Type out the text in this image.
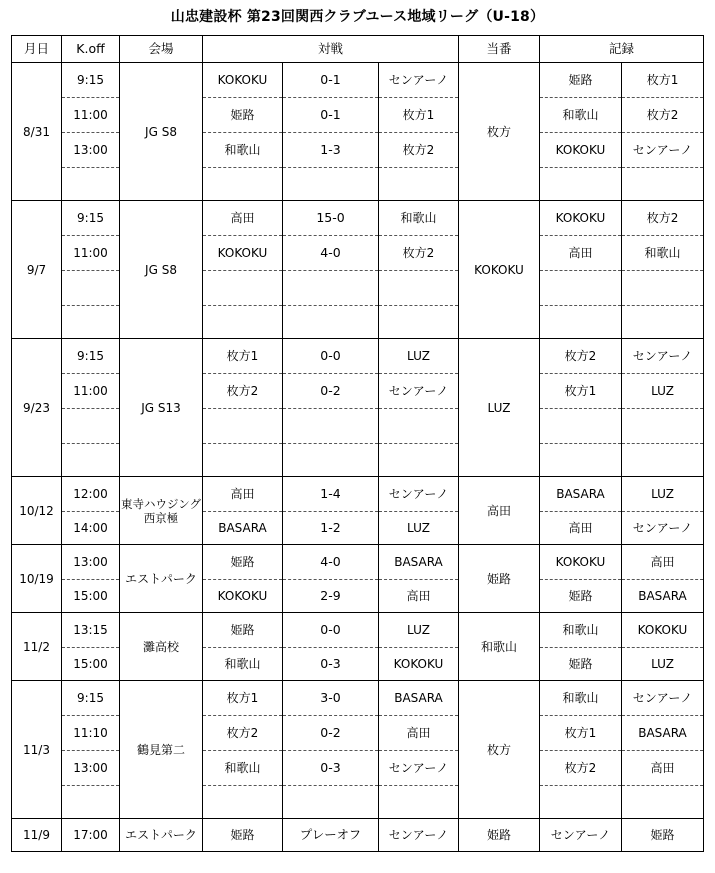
山忠建設杯 第23回関西クラブユース地域リーグ（U-18）
月日	K.off	会場	対戦			当番	記録	
8/31	9:15	JG S8	KOKOKU	0-1	センアーノ	枚方	姫路	枚方1
	11:00		姫路	0-1	枚方1		和歌山	枚方2
	13:00		和歌山	1-3	枚方2		KOKOKU	センアーノ

9/7	9:15	JG S8	高田	15-0	和歌山	KOKOKU	KOKOKU	枚方2
	11:00		KOKOKU	4-0	枚方2		高田	和歌山

9/23	9:15	JG S13	枚方1	0-0	LUZ	LUZ	枚方2	センアーノ
	11:00		枚方2	0-2	センアーノ		枚方1	LUZ

10/12	12:00	東寺ハウジング
西京極	高田	1-4	センアーノ	高田	BASARA	LUZ
	14:00		BASARA	1-2	LUZ		高田	センアーノ
10/19	13:00	エストパーク	姫路	4-0	BASARA	姫路	KOKOKU	高田
	15:00		KOKOKU	2-9	高田		姫路	BASARA
11/2	13:15	灘高校	姫路	0-0	LUZ	和歌山	和歌山	KOKOKU
	15:00		和歌山	0-3	KOKOKU		姫路	LUZ
11/3	9:15	鶴見第二	枚方1	3-0	BASARA	枚方	和歌山	センアーノ
	11:10		枚方2	0-2	高田		枚方1	BASARA
	13:00		和歌山	0-3	センアーノ		枚方2	高田

11/9	17:00	エストパーク	姫路	プレーオフ	センアーノ	姫路	センアーノ	姫路
